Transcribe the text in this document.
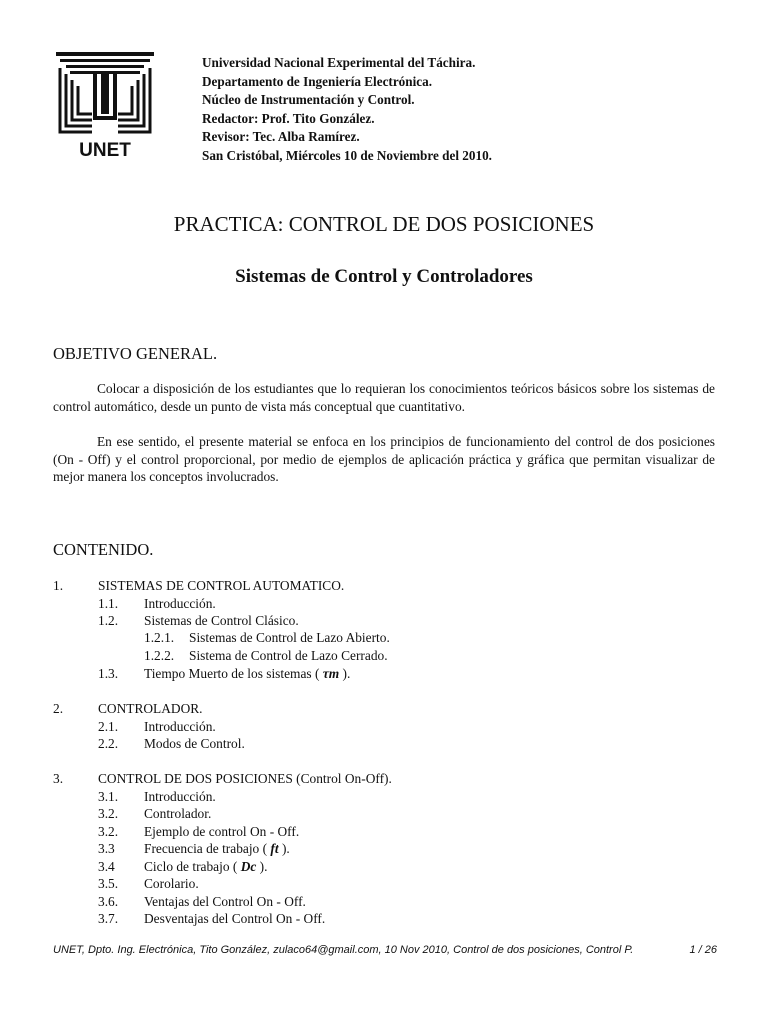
UNET
Universidad Nacional Experimental del Táchira.
Departamento de Ingeniería Electrónica.
Núcleo de Instrumentación y Control.
Redactor: Prof. Tito González.
Revisor: Tec. Alba Ramírez.
San Cristóbal, Miércoles 10 de Noviembre del 2010.
PRACTICA: CONTROL DE DOS POSICIONES
Sistemas de Control y Controladores
OBJETIVO GENERAL.
Colocar a disposición de los estudiantes que lo requieran los conocimientos teóricos básicos sobre los sistemas de control automático, desde un punto de vista más conceptual que cuantitativo.
En ese sentido, el presente material se enfoca en los principios de funcionamiento del control de dos posiciones (On - Off) y el control proporcional, por medio de ejemplos de aplicación práctica y gráfica que permitan visualizar de mejor manera los conceptos involucrados.
CONTENIDO.
1.	SISTEMAS DE CONTROL AUTOMATICO.
1.1. Introducción.
1.2. Sistemas de Control Clásico.
1.2.1. Sistemas de Control de Lazo Abierto.
1.2.2. Sistema de Control de Lazo Cerrado.
1.3. Tiempo Muerto de los sistemas ( τm ).
2.	CONTROLADOR.
2.1. Introducción.
2.2. Modos de Control.
3.	CONTROL DE DOS POSICIONES (Control On-Off).
3.1. Introducción.
3.2. Controlador.
3.2. Ejemplo de control On - Off.
3.3 Frecuencia de trabajo ( ft ).
3.4 Ciclo de trabajo ( Dc ).
3.5. Corolario.
3.6. Ventajas del Control On - Off.
3.7. Desventajas del Control On - Off.
UNET, Dpto. Ing. Electrónica, Tito González, zulaco64@gmail.com, 10 Nov 2010, Control de dos posiciones, Control P.	1 / 26
